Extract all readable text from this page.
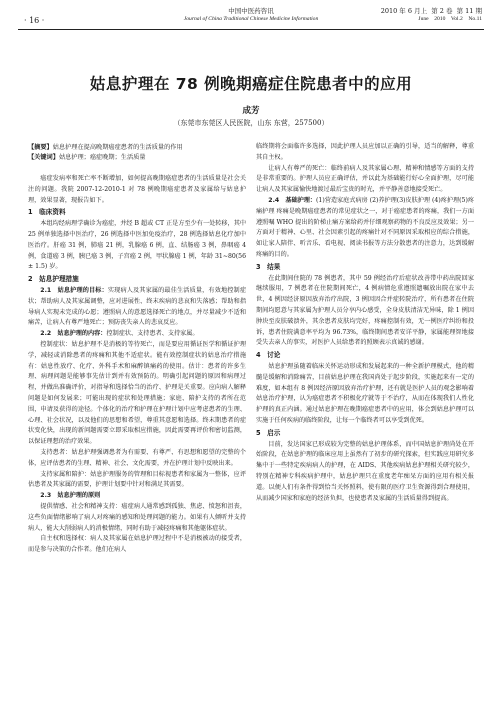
· 16 ·
中国中医药咨讯
Journal of China Traditional Chinese Medicine Information
2010 年 6 月上  第 2 卷  第 11 期
June    2010    Vol.2    No.11
姑息护理在 78 例晚期癌症住院患者中的应用
成芳
（东莞市东莞区人民医院，山东 东营，257500）
【摘要】姑息护理在提高晚期癌症患者的生活质量的作用
【关键词】姑息护理；癌症晚期；生活质量

癌症发病率和死亡率不断增加，如何提高晚期癌症患者的生活质量是社会关注的问题。我院 2007-12-2010-1 对 78 例晚期癌症患者及家属给与姑息护理，效果显著，现报告如下。

1　临床资料

本组均经病理学确诊为癌症，并经 B 超或 CT 正是方至少有一处转移，其中 25 例单独选择中医治疗，26 例选择中医加免疫治疗，28 例选择姑息化疗加中医治疗。肝癌 31 例，肺癌 21 例，乳腺癌 6 例，直、结肠癌 3 例，鼻咽癌 4 例，食道癌 3 例，胰已癌 3 例，子宫癌 2 例，甲状腺癌 1 例，年龄 31~80(56 ± 1.5) 岁。

2　姑息护理措施

2.1　姑息护理的目标：实现病人及其家属的最佳生活质量，有效地控制症状；帮助病人及其家属调整，应对进展性、终末疾病的悲哀和失落感；帮助和指导病人实现未完成的心愿；遵照病人的意愿选择死亡的地点，并尽量减少不适和痛苦，让病人有尊严地死亡；预防丧失亲人的悲哀反应。

2.2　姑息护理的内容：控制症状、支持患者、支持家属。

控制症状：姑息护理不是消极的等待死亡，而是要应用循证医学和循证护理学，减轻或消除患者的疼痛和其他不适症状。能有效控制症状的姑息治疗措施有：姑息性放疗、化疗、外科手术和麻醉镇痛药的使用。估计：患者的许多生理、病理问题是能够事先估计到并有效预防的。明确引起问题的原因和病理过程，并做出准确评价，对指导和选择恰当的治疗、护理是关重要。应向病人解释问题是如何发展来；可能出现的症状和处理措施；家庭、陪护支持的者所在范围，申请及获得的途径。个体化的治疗和护理在护理计划中应考虑患者的生理、心理、社会状况，以及他们的思想和希望，尊重其意愿和选择。终末期患者的症状变化快，出现的新问题需要立即采取相应措施，因此需要再评价和密切监测，以保证理想的治疗效果。

支持患者：姑息护理强调患者为有需要、有尊严、有思想和愿望的完整的个体，应评估患者的生理、精神、社会、文化需要，并在护理计划中反映出来。

支持家属和陪护：姑息护理服务的管理和目标视患者和家属为一整体，应评估患者及其家属的需要，护理计划要中针对和满足其需要。

2.3　姑息护理的原则

提供情感、社会和精神支持：癌症病人通常感到孤独、焦虑、愤怒和沮丧，这些负面情绪影响了病人对疼痛的感知和处理问题的能力。如果有人倾听并支持病人，能大大削弱病人的消极情绪，同时有助于减轻疼痛和其他躯体症状。

自主权和选择权：病人及其家属在姑息护理过程中不是消极被动的接受者，而是参与决策的合作者。他们在病人

临终期将会面临许多选择，因此护理人员应加以正确的引导，适当的解释，尊重其自主权。

让病人有尊严的死亡：临终前病人及其家属心理、精神和情感等方面的支持是非常重要的。护理人员应正确评估，并以此为基础能行好心全面护理，尽可能让病人及其家属愉快地渡过最后宝贵的时光，并平静善意地接受死亡。

2.4　基础护理：(1)营造家庭式病房 (2)养护理(3)皮肤护理 (4)疼护理(5)疼痛护理 疼痛是晚期癌症患者的常见症状之一，对于癌症患者的疼痛，我们一方面遵照嘱 WHO 提出的阶梯止痛方案给药并仔细观察药物的不良反应及效果；另一方面对于精神、心里、社会因素引起的疼痛针对不同原因采取相应的综合措施，如让家人陪伴、听音乐、看电视、阅读书报等方法分散患者的注意力，达到缓解疼痛的目的。

3　结果

在此期间住院的 78 例患者，其中 59 例经治疗后症状改善带中药出院回家继续服用，7 例患者在住院期间死亡，4 例病情危重遵照遗嘱放出院在家中去世，4 例因经济原因放弃治疗出院，3 例因因合并症转院治疗，所有患者在住院期间均愿意与其家属为护理人员分享内心感受，全身皮肤清洁无异味，除 1 例因肿块至皮肤破溃外，其余患者皮肤均完好，疼痛控制有效，无一例医疗纠纷和投诉，患者住院满意率平均为 96.73%，临终期间患者安详平静，家属能理智地接受失去亲人的事实，对医护人员给患者的照顾表示真诚的感谢。

4　讨论

姑息护理虽随着临床关怀运动形成和发展起来的一种全新护理模式，他的精髓是缓解和消除痛苦，目前姑息护理在我国尚处于起步阶段，实施起来有一定的难度，如本组有 8 例因经济原因放弃治疗护理，还有就是医护人员的观念影响着姑息治疗护理，认为癌症患者不积极化疗就等于不治疗，从而在体现我们人性化护理的真正内涵。通过姑息护理在晚期癌症患者中的应用，体会到姑息护理可以实施于任何疾病的临终阶段，让每一个临终者可以享受到优死。

5　启示

目前，发达国家已形成较为完整的姑息护理体系，而中国姑息护理尚处在开始阶段，在姑息护理的临床应用上虽然有了初步的研究探索，但实践应用研究多集中于一些特定疾病病人的护理，在 AIDS、其他疾病姑息护理相关研究较少，特别在精神专科疾病护理中，姑息护理只在重度老年痴呆方面的应用有相关报道。以便人们有条件得到恰当关怀照料，使有限的医疗卫生资源得到合理使用，从而减少国家和家庭的经济负担，也使患者及家属的生活质量得到提高。
